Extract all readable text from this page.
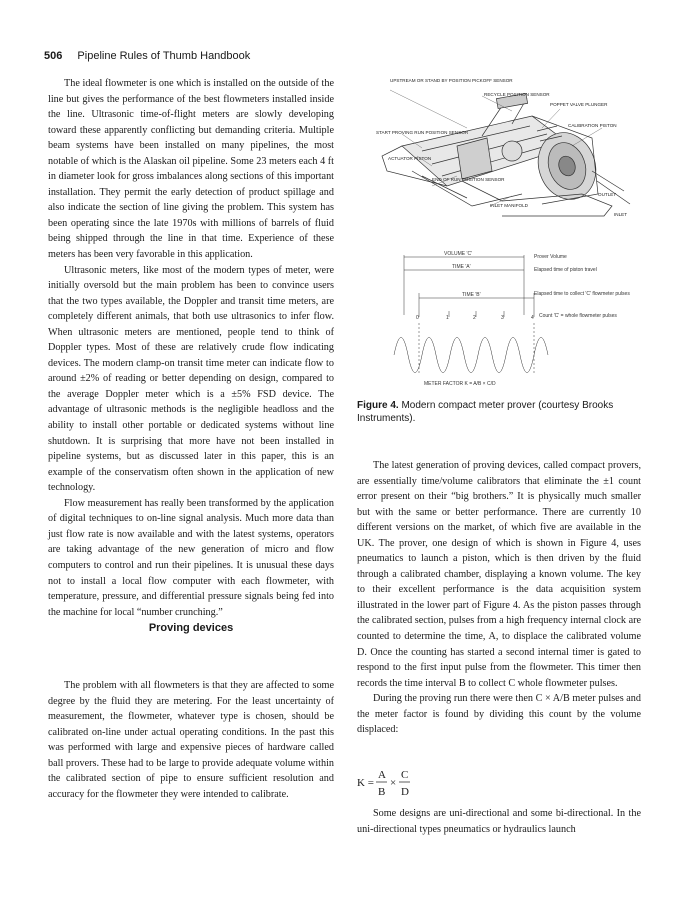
506 Pipeline Rules of Thumb Handbook

The ideal flowmeter is one which is installed on the outside of the line but gives the performance of the best flowmeters installed inside the line. Ultrasonic time-of-flight meters are slowly developing toward these apparently conflicting but demanding criteria. Multiple beam systems have been installed on many pipelines, the most notable of which is the Alaskan oil pipeline. Some 23 meters each 4 ft in diameter look for gross imbalances along sections of this important installation. They permit the early detection of product spillage and also indicate the section of line giving the problem. This system has been operating since the late 1970s with millions of barrels of fluid being shipped through the line in that time. Experience of these meters has been very favorable in this application.

Ultrasonic meters, like most of the modern types of meter, were initially oversold but the main problem has been to convince users that the two types available, the Doppler and transit time meters, are completely different animals, that both use ultrasonics to infer flow. When ultrasonic meters are mentioned, people tend to think of Doppler types. Most of these are relatively crude flow indicating devices. The modern clamp-on transit time meter can indicate flow to around ±2% of reading or better depending on design, compared to the average Doppler meter which is a ±5% FSD device. The advantage of ultrasonic methods is the negligible headloss and the ability to install other portable or dedicated systems without line shutdown. It is surprising that more have not been installed in pipeline systems, but as discussed later in this paper, this is an example of the conservatism often shown in the application of new technology.

Flow measurement has really been transformed by the application of digital techniques to on-line signal analysis. Much more data than just flow rate is now available and with the latest systems, operators are taking advantage of the new generation of micro and flow computers to control and run their pipelines. It is unusual these days not to install a local flow computer with each flowmeter, with temperature, pressure, and differential pressure signals being fed into the machine for local “number crunching.”

Proving devices

The problem with all flowmeters is that they are affected to some degree by the fluid they are metering. For the least uncertainty of measurement, the flowmeter, whatever type is chosen, should be calibrated on-line under actual operating conditions. In the past this was performed with large and expensive pieces of hardware called ball provers. These had to be large to provide adequate volume within the calibrated section of pipe to ensure sufficient resolution and accuracy for the flowmeter they were intended to calibrate.

UPSTREAM OR STAND BY POSITION PICKOFF SENSOR
RECYCLE POSITION SENSOR
POPPET VALVE PLUNGER
CALIBRATION PISTON
START PROVING RUN POSITION SENSOR
ACTUATOR PISTON
END OF RUN POSITION SENSOR
INLET MANIFOLD
OUTLET
INLET
VOLUME 'C'
TIME 'A'
TIME 'B'
Prover Volume
Elapsed time of piston travel
Elapsed time to collect 'C' flowmeter pulses
Count 'C' = whole flowmeter pulses
0	1	2	3	4
METER FACTOR K = A/B × C/D
Figure 4. Modern compact meter prover (courtesy Brooks Instruments).

The latest generation of proving devices, called compact provers, are essentially time/volume calibrators that eliminate the ±1 count error present on their “big brothers.” It is physically much smaller but with the same or better performance. There are currently 10 different versions on the market, of which five are available in the UK. The prover, one design of which is shown in Figure 4, uses pneumatics to launch a piston, which is then driven by the fluid through a calibrated chamber, displaying a known volume. The key to their excellent performance is the data acquisition system illustrated in the lower part of Figure 4. As the piston passes through the calibrated section, pulses from a high frequency internal clock are counted to determine the time, A, to displace the calibrated volume D. Once the counting has started a second internal timer is gated to respond to the first input pulse from the flowmeter. This timer then records the time interval B to collect C whole flowmeter pulses.

During the proving run there were then C × A/B meter pulses and the meter factor is found by dividing this count by the volume displaced:

K =
A
B
×
C
D

Some designs are uni-directional and some bi-directional. In the uni-directional types pneumatics or hydraulics launch
